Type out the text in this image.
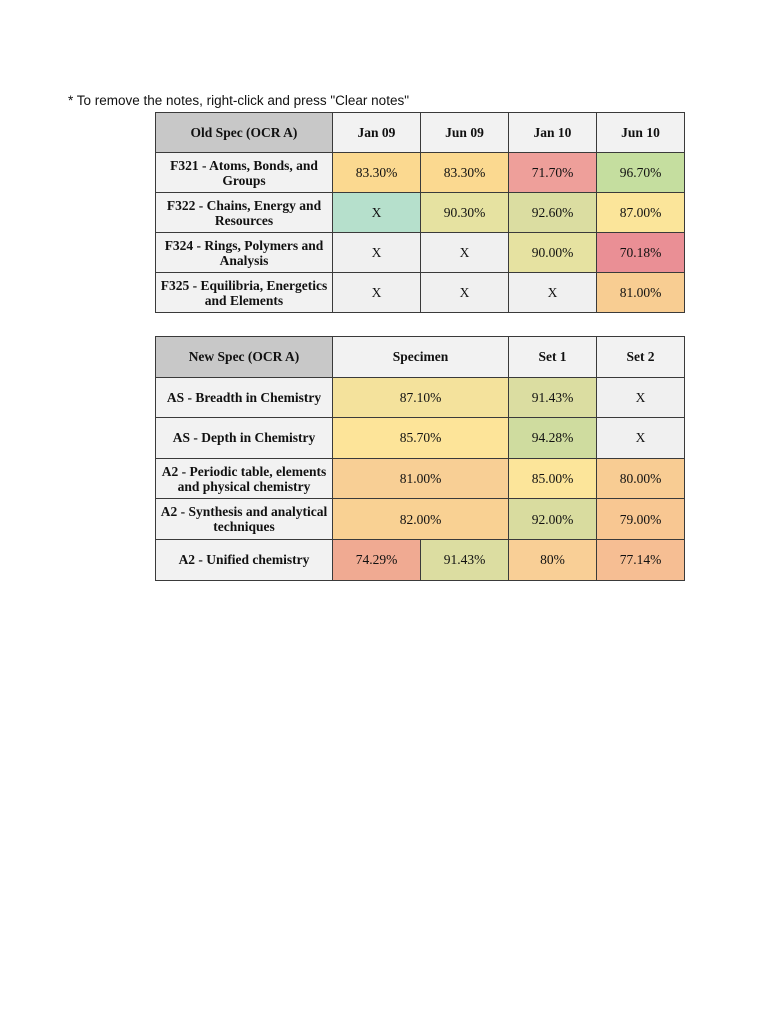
* To remove the notes, right-click and press "Clear notes"
Old Spec (OCR A)	Jan 09	Jun 09	Jan 10	Jun 10
F321 - Atoms, Bonds, and Groups	83.30%	83.30%	71.70%	96.70%
F322 - Chains, Energy and Resources	X	90.30%	92.60%	87.00%
F324 - Rings, Polymers and Analysis	X	X	90.00%	70.18%
F325 - Equilibria, Energetics and Elements	X	X	X	81.00%
New Spec (OCR A)	Specimen		Set 1	Set 2
AS - Breadth in Chemistry	87.10%		91.43%	X
AS - Depth in Chemistry	85.70%		94.28%	X
A2 - Periodic table, elements and physical chemistry	81.00%		85.00%	80.00%
A2 - Synthesis and analytical techniques	82.00%		92.00%	79.00%
A2 - Unified chemistry	74.29%	91.43%	80%	77.14%
